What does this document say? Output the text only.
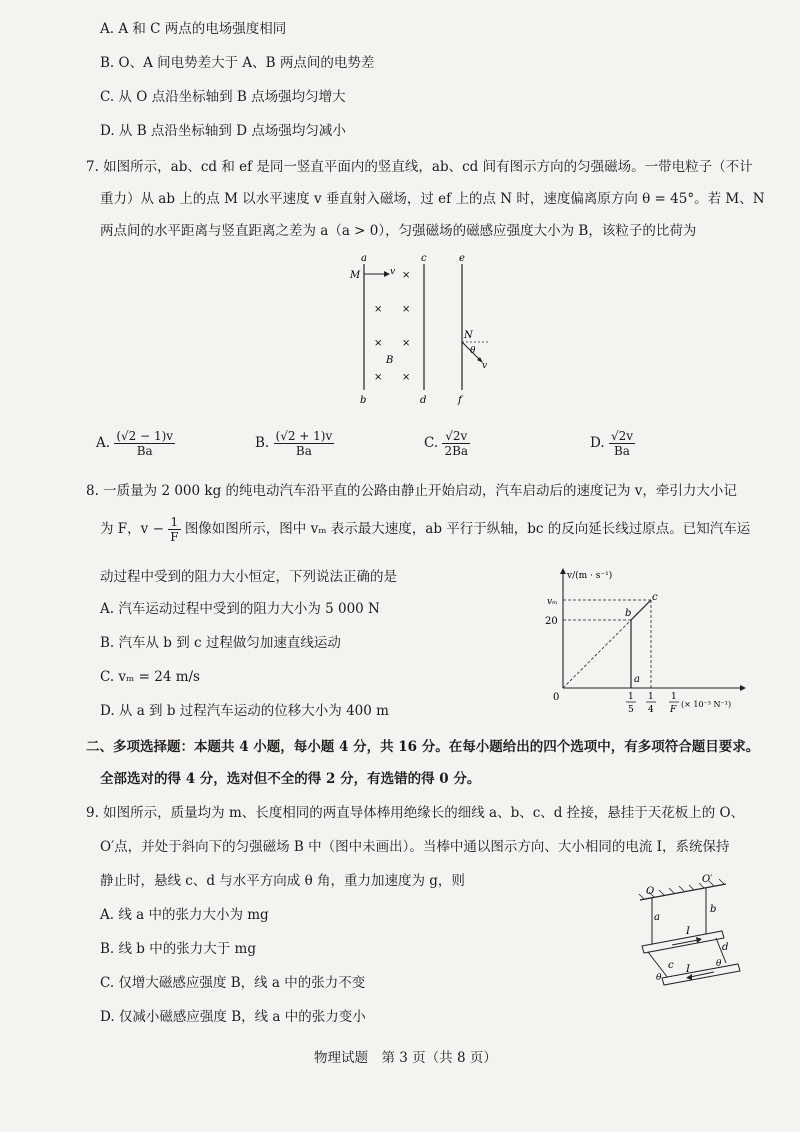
A. A 和 C 两点的电场强度相同
B. O、A 间电势差大于 A、B 两点间的电势差
C. 从 O 点沿坐标轴到 B 点场强均匀增大
D. 从 B 点沿坐标轴到 D 点场强均匀减小
7. 如图所示，ab、cd 和 ef 是同一竖直平面内的竖直线，ab、cd 间有图示方向的匀强磁场。一带电粒子（不计
重力）从 ab 上的点 M 以水平速度 v 垂直射入磁场，过 ef 上的点 N 时，速度偏离原方向 θ = 45°。若 M、N
两点间的水平距离与竖直距离之差为 a（a > 0），匀强磁场的磁感应强度大小为 B，该粒子的比荷为
a	c	e
b	d	f
M	v ×
× ×
× ×
B
× ×
N
θ
v
A. $\frac{(√2 - 1)v}{Ba}$	B. $\frac{(√2 + 1)v}{Ba}$	C. $\frac{√2v}{2Ba}$	D. $\frac{√2v}{Ba}$
8. 一质量为 2 000 kg 的纯电动汽车沿平直的公路由静止开始启动，汽车启动后的速度记为 v，牵引力大小记
为 F，$v - \frac{1}{F}$ 图像如图所示，图中 vₘ 表示最大速度，ab 平行于纵轴，bc 的反向延长线过原点。已知汽车运
动过程中受到的阻力大小恒定，下列说法正确的是
A. 汽车运动过程中受到的阻力大小为 5 000 N
B. 汽车从 b 到 c 过程做匀加速直线运动
C. vₘ = 24 m/s
D. 从 a 到 b 过程汽车运动的位移大小为 400 m
v/(m · s⁻¹)
0
vₘ
20
b
c
a
1
5
1
4
1
F
(× 10⁻³ N⁻¹)
二、多项选择题：本题共 4 小题，每小题 4 分，共 16 分。在每小题给出的四个选项中，有多项符合题目要求。
全部选对的得 4 分，选对但不全的得 2 分，有选错的得 0 分。
9. 如图所示，质量均为 m、长度相同的两直导体棒用绝缘长的细线 a、b、c、d 拴接，悬挂于天花板上的 O、
O′点，并处于斜向下的匀强磁场 B 中（图中未画出）。当棒中通以图示方向、大小相同的电流 I，系统保持
静止时，悬线 c、d 与水平方向成 θ 角，重力加速度为 g，则
A. 线 a 中的张力大小为 mg
B. 线 b 中的张力大于 mg
C. 仅增大磁感应强度 B，线 a 中的张力不变
D. 仅减小磁感应强度 B，线 a 中的张力变小
O
O′
a
b
I
c
d
I
θ
θ
物理试题　第 3 页（共 8 页）
